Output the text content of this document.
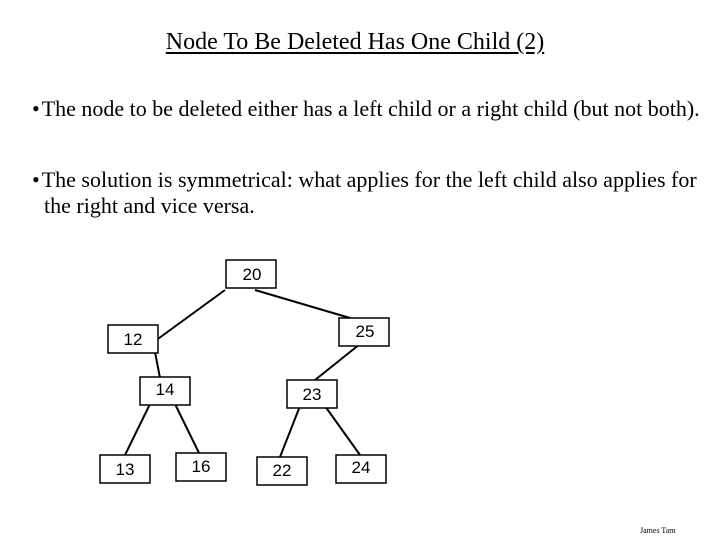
Node To Be Deleted Has One Child (2)
•The node to be deleted either has a left child or a right child (but not both).
•The solution is symmetrical: what applies for the left child also applies for the right and vice versa.
20
12	25
14	23
13	16	22	24
James Tam
